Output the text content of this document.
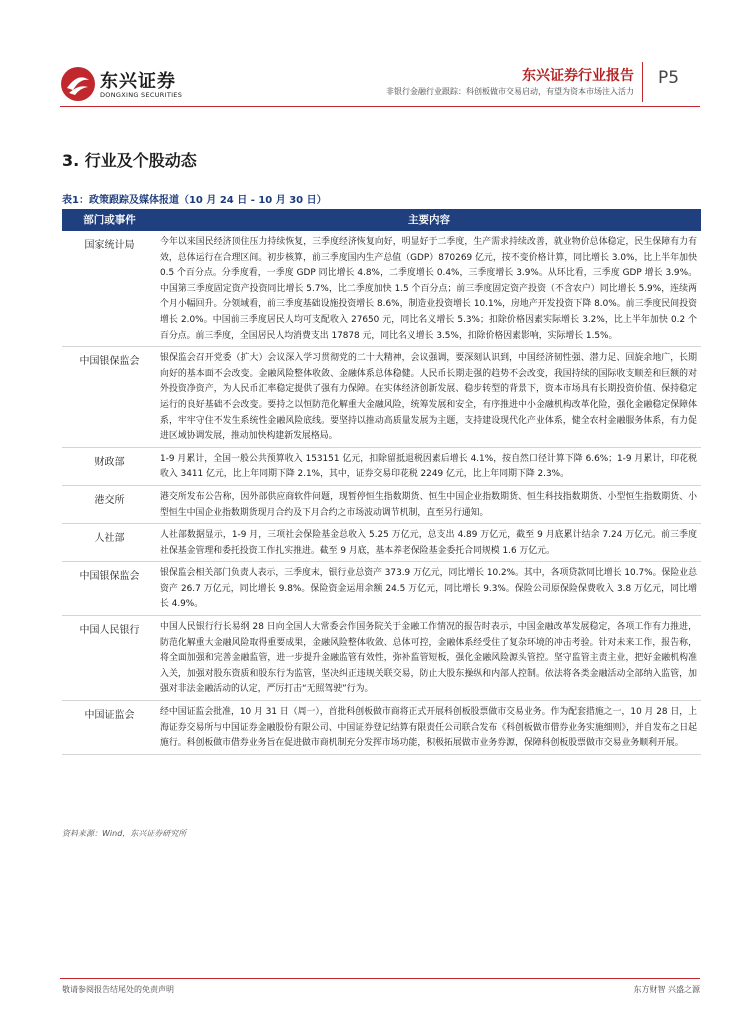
东兴证券
DONGXING SECURITIES
东兴证券行业报告
非银行金融行业跟踪：科创板做市交易启动，有望为资本市场注入活力
P5
3. 行业及个股动态
表1：政策跟踪及媒体报道（10 月 24 日 - 10 月 30 日）
部门或事件	主要内容
国家统计局	今年以来国民经济顶住压力持续恢复，三季度经济恢复向好，明显好于二季度，生产需求持续改善，就业物价总体稳定，民生保障有力有效，总体运行在合理区间。初步核算，前三季度国内生产总值（GDP）870269 亿元，按不变价格计算，同比增长 3.0%，比上半年加快 0.5 个百分点。分季度看，一季度 GDP 同比增长 4.8%，二季度增长 0.4%，三季度增长 3.9%。从环比看，三季度 GDP 增长 3.9%。中国第三季度固定资产投资同比增长 5.7%，比二季度加快 1.5 个百分点；前三季度固定资产投资（不含农户）同比增长 5.9%，连续两个月小幅回升。分领域看，前三季度基础设施投资增长 8.6%，制造业投资增长 10.1%，房地产开发投资下降 8.0%。前三季度民间投资增长 2.0%。中国前三季度居民人均可支配收入 27650 元，同比名义增长 5.3%；扣除价格因素实际增长 3.2%，比上半年加快 0.2 个百分点。前三季度，全国居民人均消费支出 17878 元，同比名义增长 3.5%，扣除价格因素影响，实际增长 1.5%。
中国银保监会	银保监会召开党委（扩大）会议深入学习贯彻党的二十大精神，会议强调，要深刻认识到，中国经济韧性强、潜力足、回旋余地广，长期向好的基本面不会改变。金融风险整体收敛、金融体系总体稳健。人民币长期走强的趋势不会改变，我国持续的国际收支顺差和巨额的对外投资净资产，为人民币汇率稳定提供了强有力保障。在实体经济创新发展、稳步转型的背景下，资本市场具有长期投资价值、保持稳定运行的良好基础不会改变。要持之以恒防范化解重大金融风险，统筹发展和安全，有序推进中小金融机构改革化险，强化金融稳定保障体系，牢牢守住不发生系统性金融风险底线。要坚持以推动高质量发展为主题，支持建设现代化产业体系，健全农村金融服务体系，有力促进区域协调发展，推动加快构建新发展格局。
财政部	1-9 月累计，全国一般公共预算收入 153151 亿元，扣除留抵退税因素后增长 4.1%，按自然口径计算下降 6.6%；1-9 月累计，印花税收入 3411 亿元，比上年同期下降 2.1%，其中，证券交易印花税 2249 亿元，比上年同期下降 2.3%。
港交所	港交所发布公告称，因外部供应商软件问题，现暂停恒生指数期货、恒生中国企业指数期货、恒生科技指数期货、小型恒生指数期货、小型恒生中国企业指数期货现月合约及下月合约之市场波动调节机制，直至另行通知。
人社部	人社部数据显示，1-9 月，三项社会保险基金总收入 5.25 万亿元，总支出 4.89 万亿元，截至 9 月底累计结余 7.24 万亿元。前三季度社保基金管理和委托投资工作扎实推进。截至 9 月底，基本养老保险基金委托合同规模 1.6 万亿元。
中国银保监会	银保监会相关部门负责人表示，三季度末，银行业总资产 373.9 万亿元，同比增长 10.2%。其中，各项贷款同比增长 10.7%。保险业总资产 26.7 万亿元，同比增长 9.8%。保险资金运用余额 24.5 万亿元，同比增长 9.3%。保险公司原保险保费收入 3.8 万亿元，同比增长 4.9%。
中国人民银行	中国人民银行行长易纲 28 日向全国人大常委会作国务院关于金融工作情况的报告时表示，中国金融改革发展稳定，各项工作有力推进，防范化解重大金融风险取得重要成果，金融风险整体收敛、总体可控，金融体系经受住了复杂环境的冲击考验。针对未来工作，报告称，将全面加强和完善金融监管，进一步提升金融监管有效性，弥补监管短板，强化金融风险源头管控。坚守监管主责主业，把好金融机构准入关，加强对股东资质和股东行为监管，坚决纠正违规关联交易，防止大股东操纵和内部人控制。依法将各类金融活动全部纳入监管，加强对非法金融活动的认定，严厉打击“无照驾驶”行为。
中国证监会	经中国证监会批准，10 月 31 日（周一），首批科创板做市商将正式开展科创板股票做市交易业务。作为配套措施之一，10 月 28 日，上海证券交易所与中国证券金融股份有限公司、中国证券登记结算有限责任公司联合发布《科创板做市借券业务实施细则》，并自发布之日起施行。科创板做市借券业务旨在促进做市商机制充分发挥市场功能，积极拓展做市业务券源，保障科创板股票做市交易业务顺利开展。
资料来源：Wind，东兴证券研究所
敬请参阅报告结尾处的免责声明	东方财智 兴盛之源
